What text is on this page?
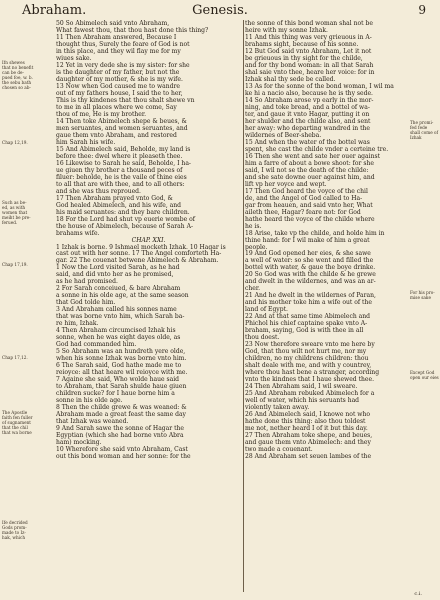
Abraham.	Genesis.	9
50 So Abimelech said vnto Abraham,
What fawest thou, that thou hast done this thing?
11 Then Abraham answered, Because I
thought thus, Surely the feare of God is not
in this place, and they wil flay me for my
wiues sake.
12 Yet in very dede she is my sister: for she
is the daughter of my father, but not the
daughter of my mother, & she is my wife.
13 Now when God caused me to wandre
out of my fathers house, I said the to her,
This is thy kindenes that thou shalt shewe vn
to me in all places where we come, Say
thou of me, He is my brother.
14 Then toke Abimelech shepe & beues, &
men seruantes, and women seruantes, and
gaue them vnto Abraham, and restored
him Sarah his wife.
15 And Abimelech said, Beholde, my land is
before thee: dwel where it pleaseth thee.
16 Likewise to Sarah he said, Beholde, I ha-
ue giuen thy brother a thousand peces of
filuer: beholde, he is the vaile of thine eies
to all that are with thee, and to all others:
and she was thus reproued.
17 Then Abraham prayed vnto God, &
God healed Abimelech, and his wife, and
his maid seruantes: and they bare children.
18 For the Lord had shut vp euerie wombe of
the house of Abimelech, because of Sarah A-
brahams wife.
CHAP. XXI.
1 Izhak is borne. 9 Ishmael mocketh Izhak. 10 Hagar is
cast out with her sonne. 17 The Angel comforteth Ha-
gar. 22 The couenat betwene Abimelech & Abraham.
1 Now the Lord visited Sarah, as he had
said, and did vnto her as he promised,
as he had promised.
2 For Sarah conceiued, & bare Abraham
a sonne in his olde age, at the same season
that God tolde him.
3 And Abraham called his sonnes name
that was borne vnto him, which Sarah ba-
re him, Izhak.
4 Then Abraham circumcised Izhak his
sonne, when he was eight dayes olde, as
God had commanded him.
5 So Abraham was an hundreth yere olde,
when his sonne Izhak was borne vnto him.
6 The Sarah said, God hathe made me to
reioyce: all that heare wil reioyce with me.
7 Againe she said, Who wolde haue said
to Abraham, that Sarah shulde haue giuen
children sucke? for I haue borne him a
sonne in his olde age.
8 Then the childe grewe & was weaned: &
Abraham made a great feast the same day
that Izhak was weaned.
9 And Sarah sawe the sonne of Hagar the
Egyptian (which she had borne vnto Abra
ham) mocking.
10 Wherefore she said vnto Abraham, Cast
out this bond woman and her sonne: for the
the sonne of this bond woman shal not be
heire with my sonne Izhak.
11 And this thing was very grieuous in A-
brahams sight, because of his sonne.
12 But God said vnto Abraham, Let it not
be grieuous in thy sight for the childe,
and for thy bond woman: in all that Sarah
shal saie vnto thee, heare her voice: for in
Izhak shal thy sede be called.
13 As for the sonne of the bond woman, I wil ma
ke hi a nacio also, because he is thy sede.
14 So Abraham arose vp early in the mor-
ning, and toke bread, and a bottel of wa-
ter, and gaue it vnto Hagar, putting it on
her shulder and the childe also, and sent
her away: who departing wandred in the
wildernes of Beer-sheba.
15 And when the water of the bottel was
spent, she cast the childe vnder a certeine tre.
16 Then she went and sate her ouer against
him a farre of about a bowe shoot: for she
said, I wil not se the death of the childe:
and she sate downe ouer against him, and
lift vp her voyce and wept.
17 Then God heard the voyce of the chil
de, and the Angel of God called to Ha-
gar from heauen, and said vnto her, What
aileth thee, Hagar? feare not: for God
hathe heard the voyce of the childe where
he is.
18 Arise, take vp the childe, and holde him in
thine hand: for I wil make of him a great
people.
19 And God opened her eies, & she sawe
a well of water: so she went and filled the
bottel with water, & gaue the boye drinke.
20 So God was with the childe & he grewe
and dwelt in the wildernes, and was an ar-
cher.
21 And he dwelt in the wildernes of Paran,
and his mother toke him a wife out of the
land of Egypt.
22 And at that same time Abimelech and
Phichol his chief captaine spake vnto A-
braham, saying, God is with thee in all
thou doest.
23 Now therefore sweare vnto me here by
God, that thou wilt not hurt me, nor my
children, no my childrens children: thou
shalt deale with me, and with y countrey,
where thou hast bene a stranger, according
vnto the kindnes that I haue shewed thee.
24 Then Abraham said, I wil sweare.
25 And Abraham rebuked Abimelech for a
well of water, which his seruants had
violently taken away.
26 And Abimelech said, I knowe not who
hathe done this thing: also thou toldest
me not, nether heard I of it but this day.
27 Then Abraham toke shepe, and beues,
and gaue them vnto Abimelech: and they
two made a couenant.
28 And Abraham set seuen lambes of the
Ifn shewes
that no benefit
can be de-
pued foe, w. b.
the sebu bath
chosen so ab-
Chap 12,19.
Such as be-
ed, as with
women that
meiht be pre-
ferued.
Chap 17,19.
Chap 17,12.
The Apostle
faith fen fuller
of sugnament
that the chil
that wa borne
Ife decrided
Gods prom-
made to Iz-
hak, which
The promi-
fed fede
shall come of
Izhak
For his pro-
mise sake
Except God
open our eies
c.i.
